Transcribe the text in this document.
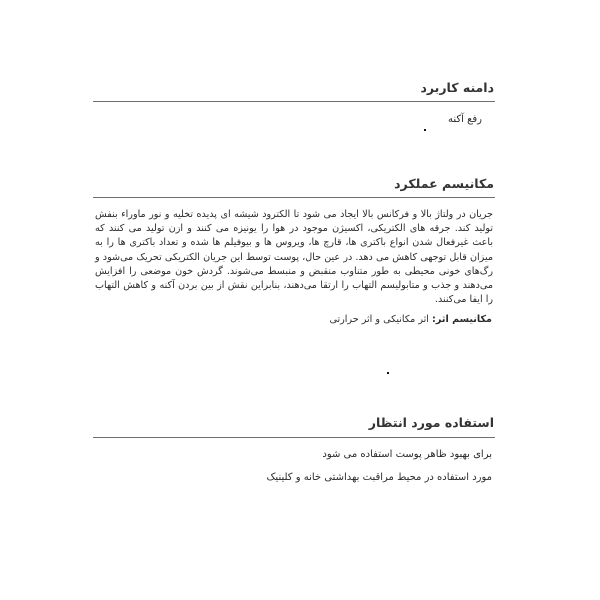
دامنه کاربرد
رفع آکنه
مکانیسم عملکرد

جریان در ولتاژ بالا و فرکانس بالا ایجاد می شود تا الکترود شیشه ای پدیده تخلیه و نور ماوراء بنفش تولید کند. جرقه های الکتریکی، اکسیژن موجود در هوا را یونیزه می کنند و ازن تولید می کنند که باعث غیرفعال شدن انواع باکتری ها، قارچ ها، ویروس ها و بیوفیلم ها شده و تعداد باکتری ها را به میزان قابل توجهی کاهش می دهد. در عین حال، پوست توسط این جریان الکتریکی تحریک می‌شود و رگ‌های خونی محیطی به طور متناوب منقبض و منبسط می‌شوند. گردش خون موضعی را افزایش می‌دهند و جذب و متابولیسم التهاب را ارتقا می‌دهند، بنابراین نقش از بین بردن آکنه و کاهش التهاب را ایفا می‌کنند.

مکانیسم اثر: اثر مکانیکی و اثر حرارتی
استفاده مورد انتظار
برای بهبود ظاهر پوست استفاده می شود
مورد استفاده در محیط مراقبت بهداشتی خانه و کلینیک
